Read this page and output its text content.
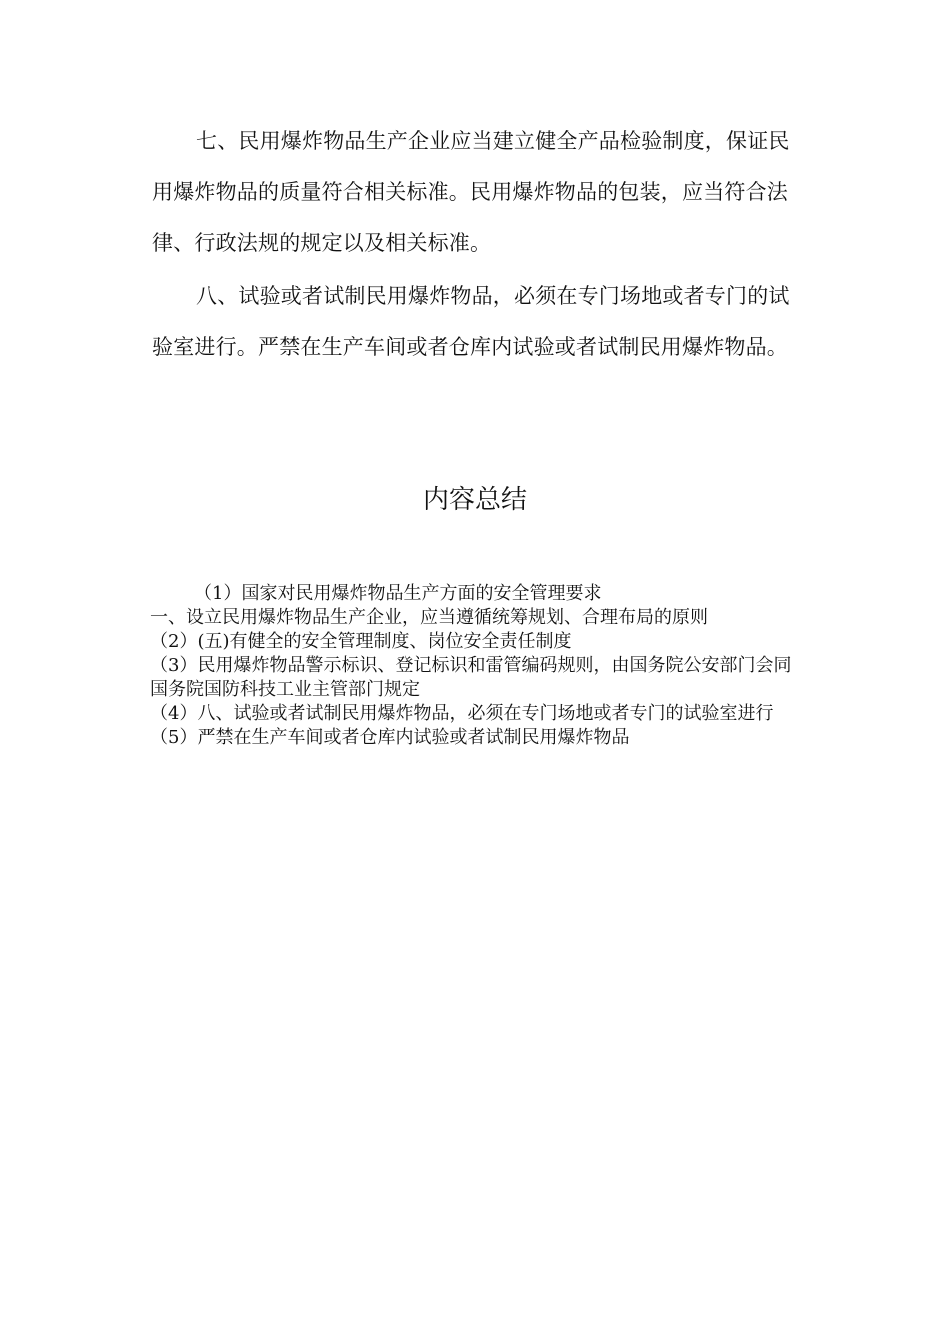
七、民用爆炸物品生产企业应当建立健全产品检验制度，保证民用爆炸物品的质量符合相关标准。民用爆炸物品的包装，应当符合法律、行政法规的规定以及相关标准。

八、试验或者试制民用爆炸物品，必须在专门场地或者专门的试验室进行。严禁在生产车间或者仓库内试验或者试制民用爆炸物品。

内容总结

（1）国家对民用爆炸物品生产方面的安全管理要求

一、设立民用爆炸物品生产企业，应当遵循统筹规划、合理布局的原则

（2）(五)有健全的安全管理制度、岗位安全责任制度

（3）民用爆炸物品警示标识、登记标识和雷管编码规则，由国务院公安部门会同国务院国防科技工业主管部门规定

（4）八、试验或者试制民用爆炸物品，必须在专门场地或者专门的试验室进行

（5）严禁在生产车间或者仓库内试验或者试制民用爆炸物品
